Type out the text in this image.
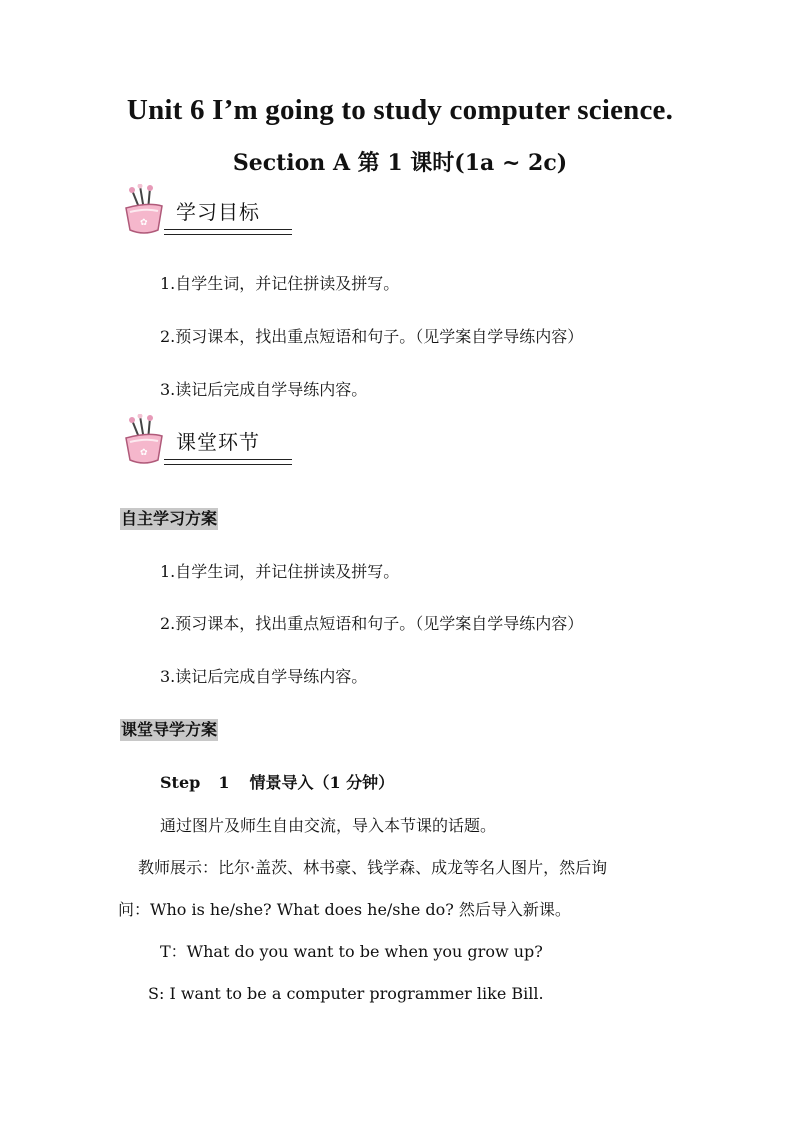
Unit 6 I’m going to study computer science.
Section A 第 1 课时(1a ~ 2c)
✿ 学习目标
1.自学生词，并记住拼读及拼写。
2.预习课本，找出重点短语和句子。（见学案自学导练内容）
3.读记后完成自学导练内容。
✿ 课堂环节
自主学习方案
1.自学生词，并记住拼读及拼写。
2.预习课本，找出重点短语和句子。（见学案自学导练内容）
3.读记后完成自学导练内容。
课堂导学方案
Step 1 情景导入（1 分钟）
通过图片及师生自由交流，导入本节课的话题。
教师展示：比尔·盖茨、林书豪、钱学森、成龙等名人图片，然后询
问：Who is he/she? What does he/she do? 然后导入新课。
T：What do you want to be when you grow up?
S: I want to be a computer programmer like Bill.
